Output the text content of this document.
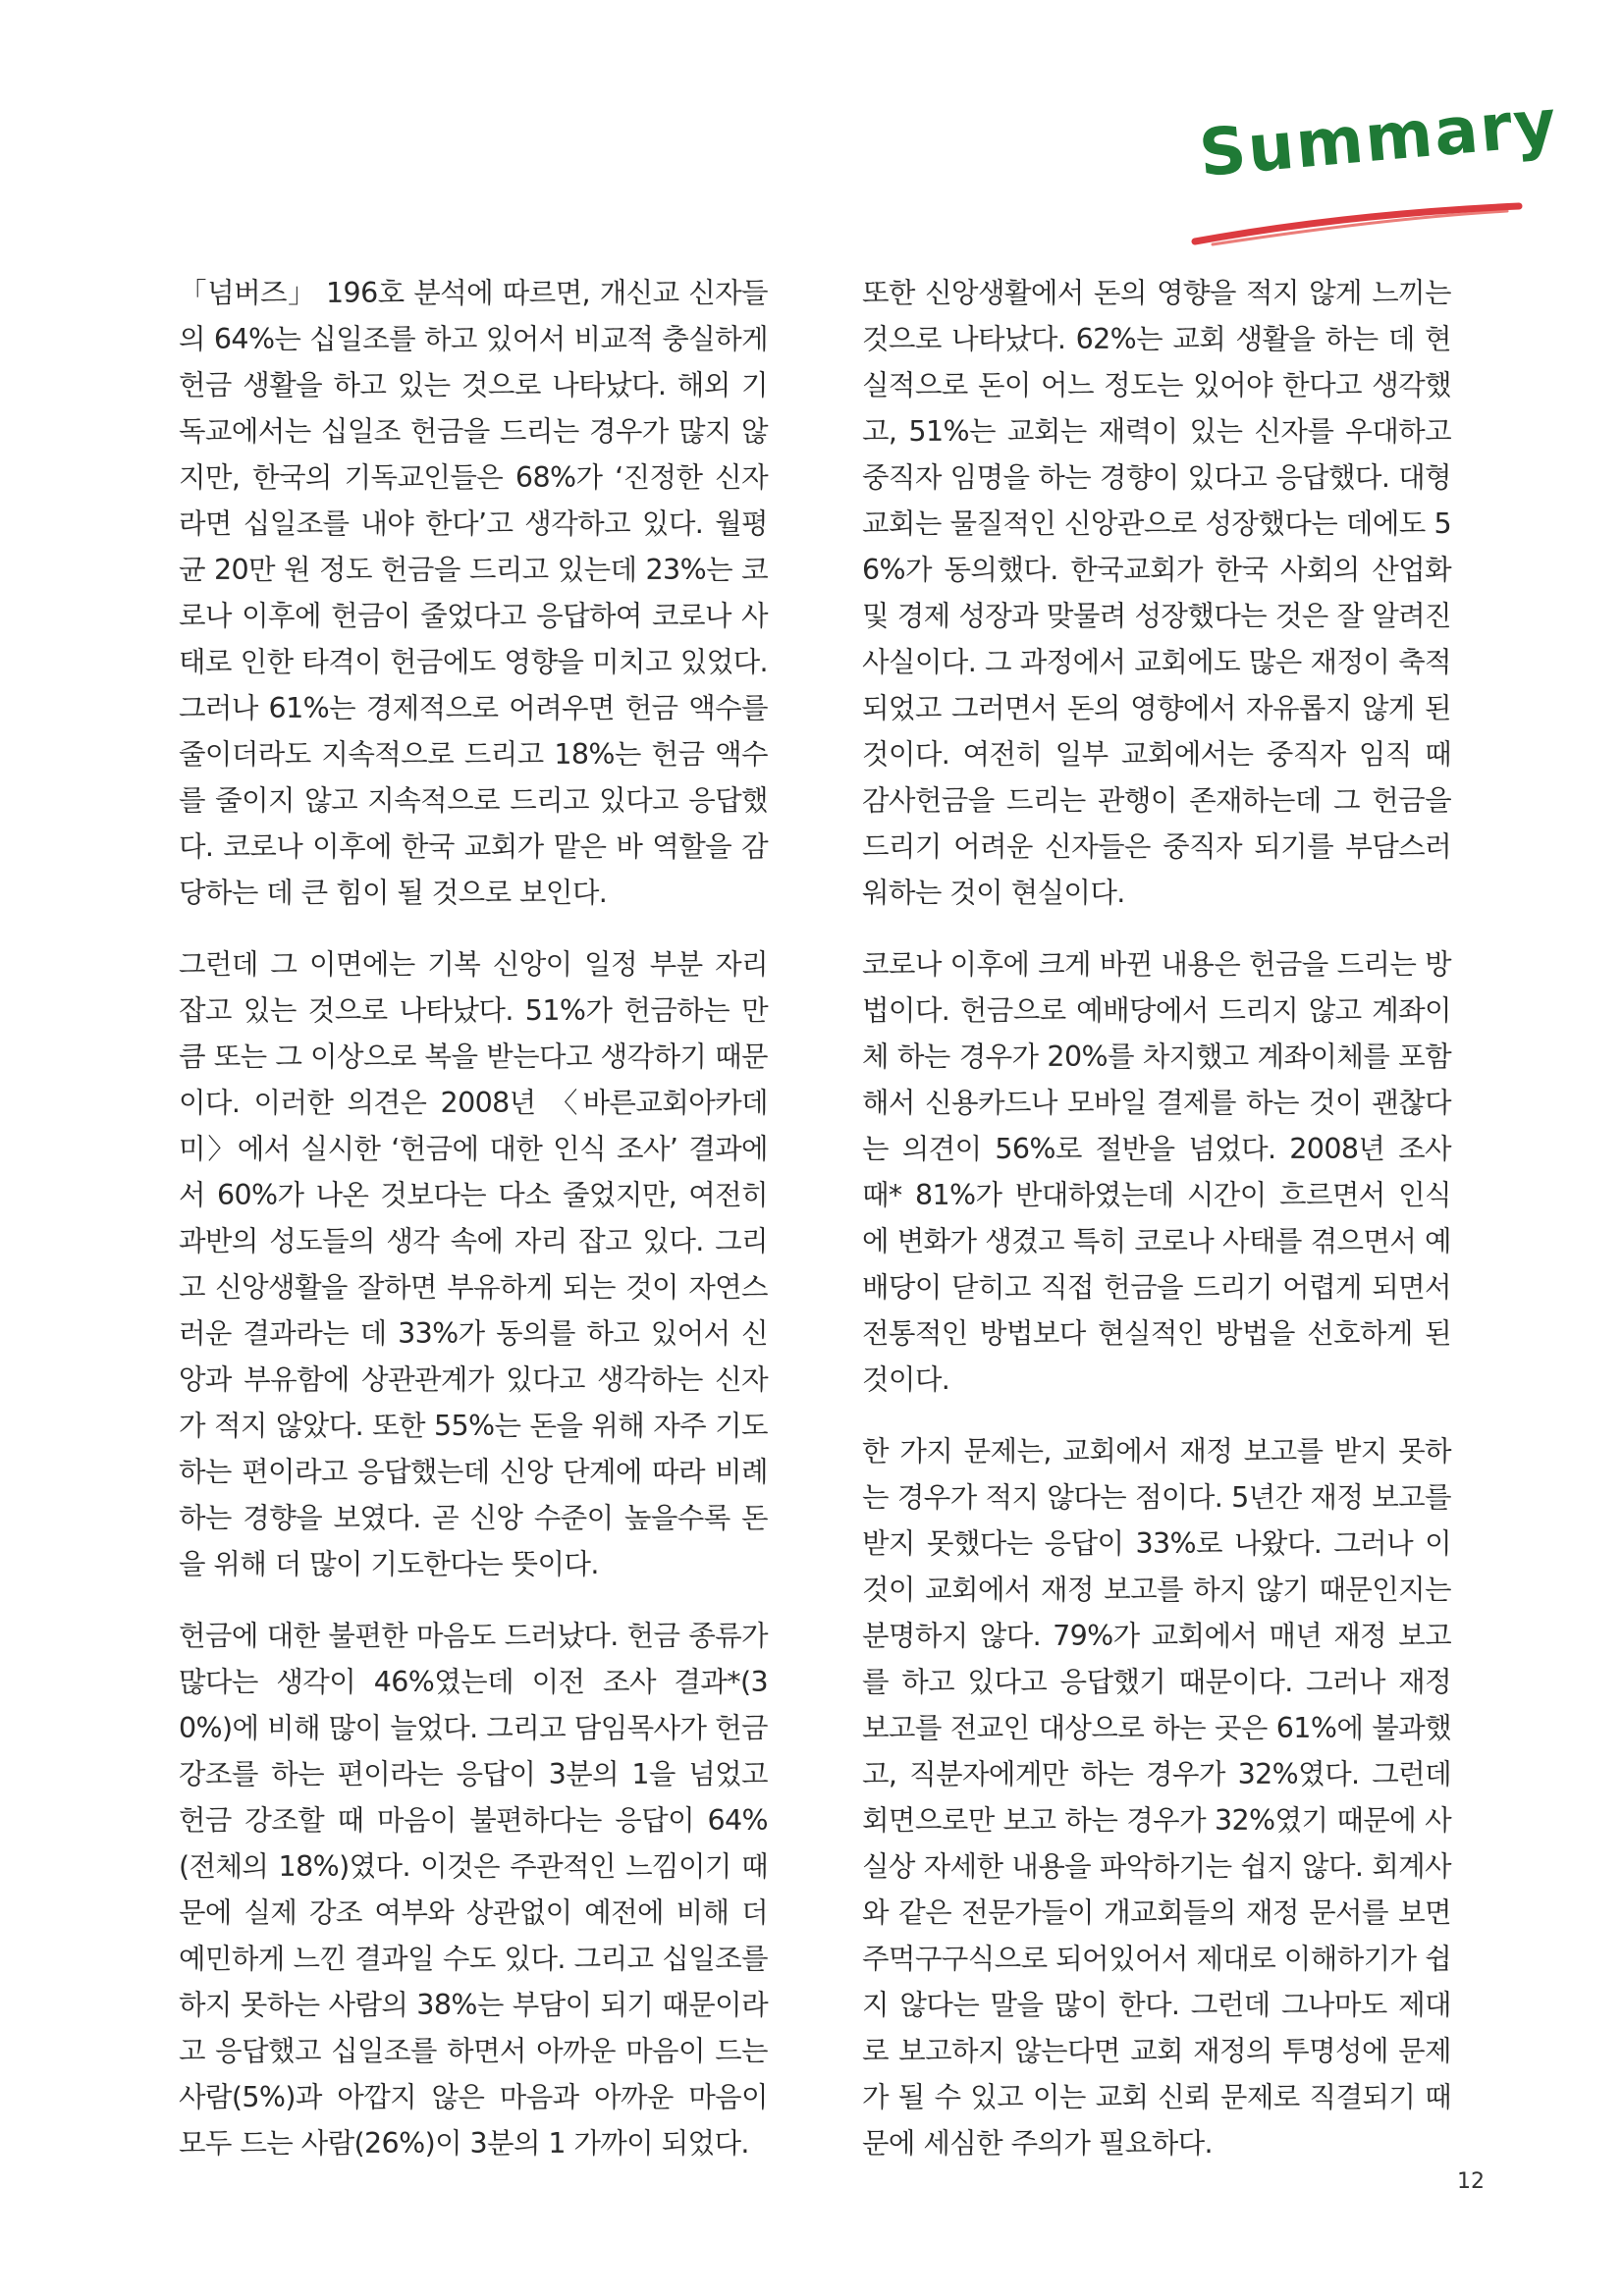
Summary

「넘버즈」 196호 분석에 따르면, 개신교 신자들의 64%는 십일조를 하고 있어서 비교적 충실하게 헌금 생활을 하고 있는 것으로 나타났다. 해외 기독교에서는 십일조 헌금을 드리는 경우가 많지 않지만, 한국의 기독교인들은 68%가 ‘진정한 신자라면 십일조를 내야 한다’고 생각하고 있다. 월평균 20만 원 정도 헌금을 드리고 있는데 23%는 코로나 이후에 헌금이 줄었다고 응답하여 코로나 사태로 인한 타격이 헌금에도 영향을 미치고 있었다. 그러나 61%는 경제적으로 어려우면 헌금 액수를 줄이더라도 지속적으로 드리고 18%는 헌금 액수를 줄이지 않고 지속적으로 드리고 있다고 응답했다. 코로나 이후에 한국 교회가 맡은 바 역할을 감당하는 데 큰 힘이 될 것으로 보인다.

그런데 그 이면에는 기복 신앙이 일정 부분 자리 잡고 있는 것으로 나타났다. 51%가 헌금하는 만큼 또는 그 이상으로 복을 받는다고 생각하기 때문이다. 이러한 의견은 2008년 〈바른교회아카데미〉에서 실시한 ‘헌금에 대한 인식 조사’ 결과에서 60%가 나온 것보다는 다소 줄었지만, 여전히 과반의 성도들의 생각 속에 자리 잡고 있다. 그리고 신앙생활을 잘하면 부유하게 되는 것이 자연스러운 결과라는 데 33%가 동의를 하고 있어서 신앙과 부유함에 상관관계가 있다고 생각하는 신자가 적지 않았다. 또한 55%는 돈을 위해 자주 기도하는 편이라고 응답했는데 신앙 단계에 따라 비례하는 경향을 보였다. 곧 신앙 수준이 높을수록 돈을 위해 더 많이 기도한다는 뜻이다.

헌금에 대한 불편한 마음도 드러났다. 헌금 종류가 많다는 생각이 46%였는데 이전 조사 결과*(30%)에 비해 많이 늘었다. 그리고 담임목사가 헌금 강조를 하는 편이라는 응답이 3분의 1을 넘었고 헌금 강조할 때 마음이 불편하다는 응답이 64%(전체의 18%)였다. 이것은 주관적인 느낌이기 때문에 실제 강조 여부와 상관없이 예전에 비해 더 예민하게 느낀 결과일 수도 있다. 그리고 십일조를 하지 못하는 사람의 38%는 부담이 되기 때문이라고 응답했고 십일조를 하면서 아까운 마음이 드는 사람(5%)과 아깝지 않은 마음과 아까운 마음이 모두 드는 사람(26%)이 3분의 1 가까이 되었다.

또한 신앙생활에서 돈의 영향을 적지 않게 느끼는 것으로 나타났다. 62%는 교회 생활을 하는 데 현실적으로 돈이 어느 정도는 있어야 한다고 생각했고, 51%는 교회는 재력이 있는 신자를 우대하고 중직자 임명을 하는 경향이 있다고 응답했다. 대형교회는 물질적인 신앙관으로 성장했다는 데에도 56%가 동의했다. 한국교회가 한국 사회의 산업화 및 경제 성장과 맞물려 성장했다는 것은 잘 알려진 사실이다. 그 과정에서 교회에도 많은 재정이 축적되었고 그러면서 돈의 영향에서 자유롭지 않게 된 것이다. 여전히 일부 교회에서는 중직자 임직 때 감사헌금을 드리는 관행이 존재하는데 그 헌금을 드리기 어려운 신자들은 중직자 되기를 부담스러워하는 것이 현실이다.

코로나 이후에 크게 바뀐 내용은 헌금을 드리는 방법이다. 헌금으로 예배당에서 드리지 않고 계좌이체 하는 경우가 20%를 차지했고 계좌이체를 포함해서 신용카드나 모바일 결제를 하는 것이 괜찮다는 의견이 56%로 절반을 넘었다. 2008년 조사 때* 81%가 반대하였는데 시간이 흐르면서 인식에 변화가 생겼고 특히 코로나 사태를 겪으면서 예배당이 닫히고 직접 헌금을 드리기 어렵게 되면서 전통적인 방법보다 현실적인 방법을 선호하게 된 것이다.

한 가지 문제는, 교회에서 재정 보고를 받지 못하는 경우가 적지 않다는 점이다. 5년간 재정 보고를 받지 못했다는 응답이 33%로 나왔다. 그러나 이것이 교회에서 재정 보고를 하지 않기 때문인지는 분명하지 않다. 79%가 교회에서 매년 재정 보고를 하고 있다고 응답했기 때문이다. 그러나 재정 보고를 전교인 대상으로 하는 곳은 61%에 불과했고, 직분자에게만 하는 경우가 32%였다. 그런데 회면으로만 보고 하는 경우가 32%였기 때문에 사실상 자세한 내용을 파악하기는 쉽지 않다. 회계사와 같은 전문가들이 개교회들의 재정 문서를 보면 주먹구구식으로 되어있어서 제대로 이해하기가 쉽지 않다는 말을 많이 한다. 그런데 그나마도 제대로 보고하지 않는다면 교회 재정의 투명성에 문제가 될 수 있고 이는 교회 신뢰 문제로 직결되기 때문에 세심한 주의가 필요하다.

12
